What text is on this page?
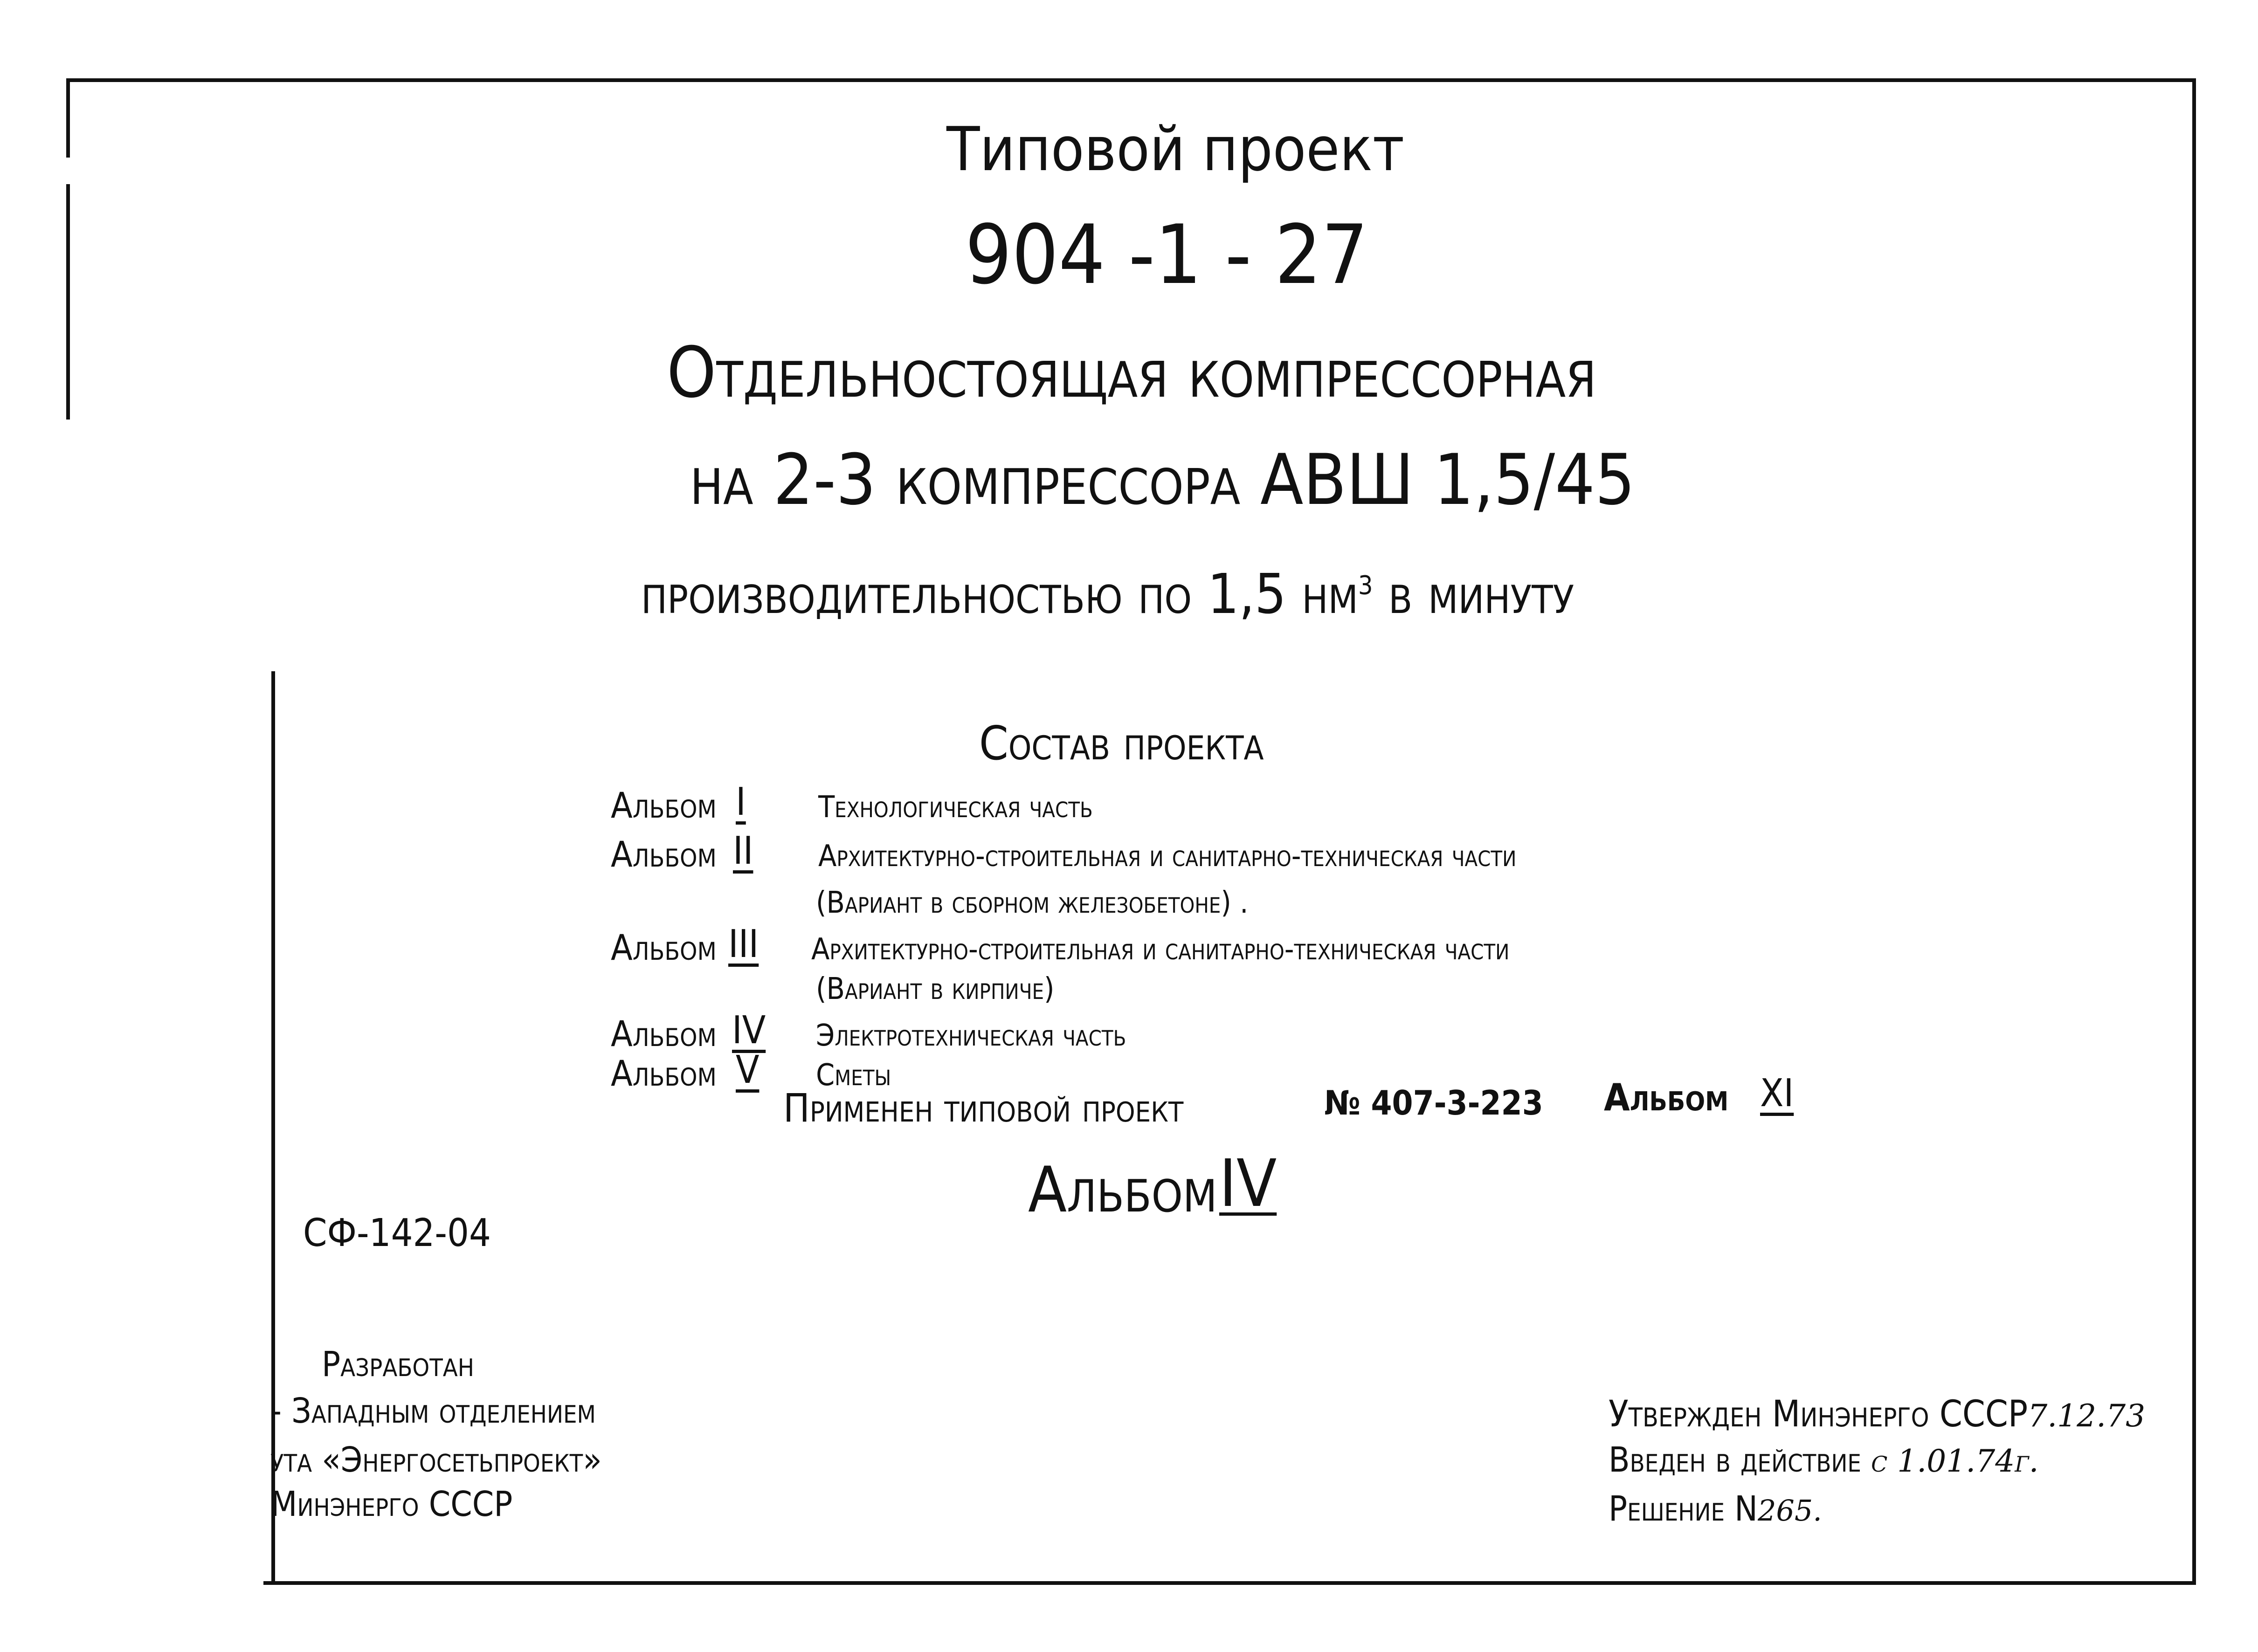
Типовой проект
904 -1 - 27
Отдельностоящая компрессорная
на 2-3 компрессора АВШ 1,5/45
производительностью по 1,5 $нм^3$ в минуту
Состав проекта
Альбом I Технологическая часть
Альбом II Архитектурно-строительная и санитарно-техническая части
(Вариант в сборном железобетоне) .
Альбом III Архитектурно-строительная и санитарно-техническая части
(Вариант в кирпиче)
Альбом IV Электротехническая часть
Альбом V Сметы
Применен типовой проект	№ 407-3-223 Альбом XI
Альбом IV
СФ-142-04
Разработан
- Западным отделением
ута «Энергосетьпроект»
Минэнерго СССР
Утвержден Минэнерго СССР7.12.73
Введен в действие с 1.01.74г.
Решение N265.
